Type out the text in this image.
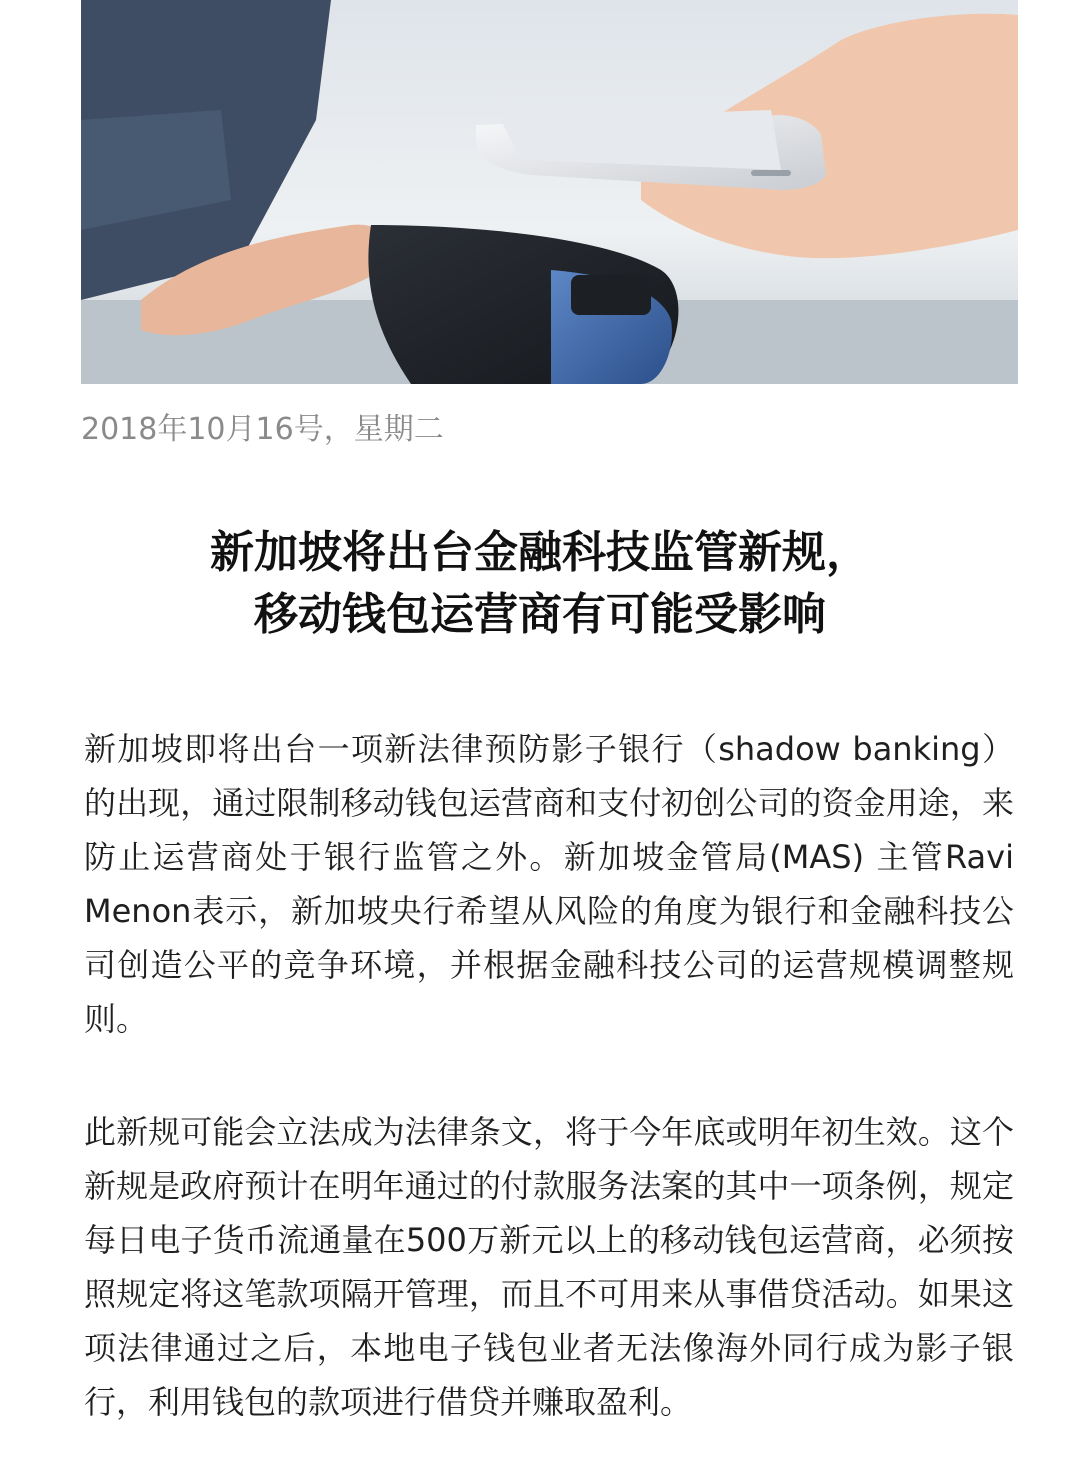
2018年10月16号，星期二
新加坡将出台金融科技监管新规，
移动钱包运营商有可能受影响
新加坡即将出台一项新法律预防影子银行（shadow banking）的出现，通过限制移动钱包运营商和支付初创公司的资金用途，来防止运营商处于银行监管之外。新加坡金管局(MAS) 主管Ravi Menon表示，新加坡央行希望从风险的角度为银行和金融科技公司创造公平的竞争环境，并根据金融科技公司的运营规模调整规则。
此新规可能会立法成为法律条文，将于今年底或明年初生效。这个新规是政府预计在明年通过的付款服务法案的其中一项条例，规定每日电子货币流通量在500万新元以上的移动钱包运营商，必须按照规定将这笔款项隔开管理，而且不可用来从事借贷活动。如果这项法律通过之后，本地电子钱包业者无法像海外同行成为影子银行，利用钱包的款项进行借贷并赚取盈利。
